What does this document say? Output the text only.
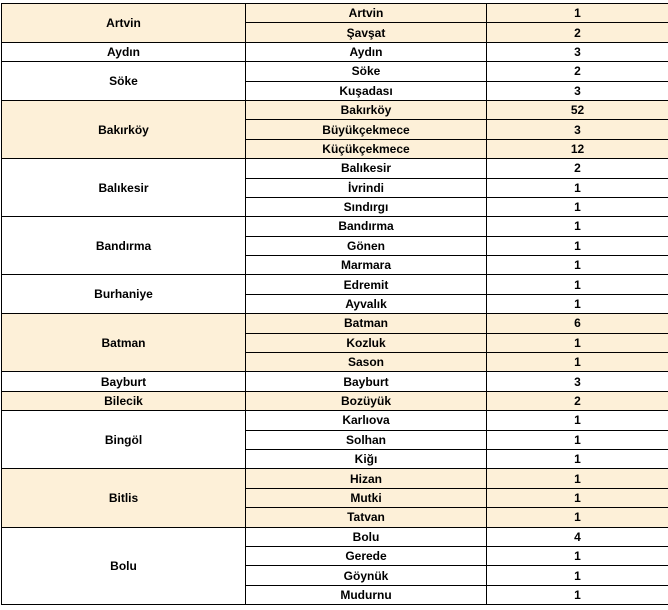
Artvin	Artvin	1
	Şavşat	2
Aydın	Aydın	3
Söke	Söke	2
	Kuşadası	3
Bakırköy	Bakırköy	52
	Büyükçekmece	3
	Küçükçekmece	12
Balıkesir	Balıkesir	2
	İvrindi	1
	Sındırgı	1
Bandırma	Bandırma	1
	Gönen	1
	Marmara	1
Burhaniye	Edremit	1
	Ayvalık	1
Batman	Batman	6
	Kozluk	1
	Sason	1
Bayburt	Bayburt	3
Bilecik	Bozüyük	2
Bingöl	Karlıova	1
	Solhan	1
	Kiğı	1
Bitlis	Hizan	1
	Mutki	1
	Tatvan	1
Bolu	Bolu	4
	Gerede	1
	Göynük	1
	Mudurnu	1
